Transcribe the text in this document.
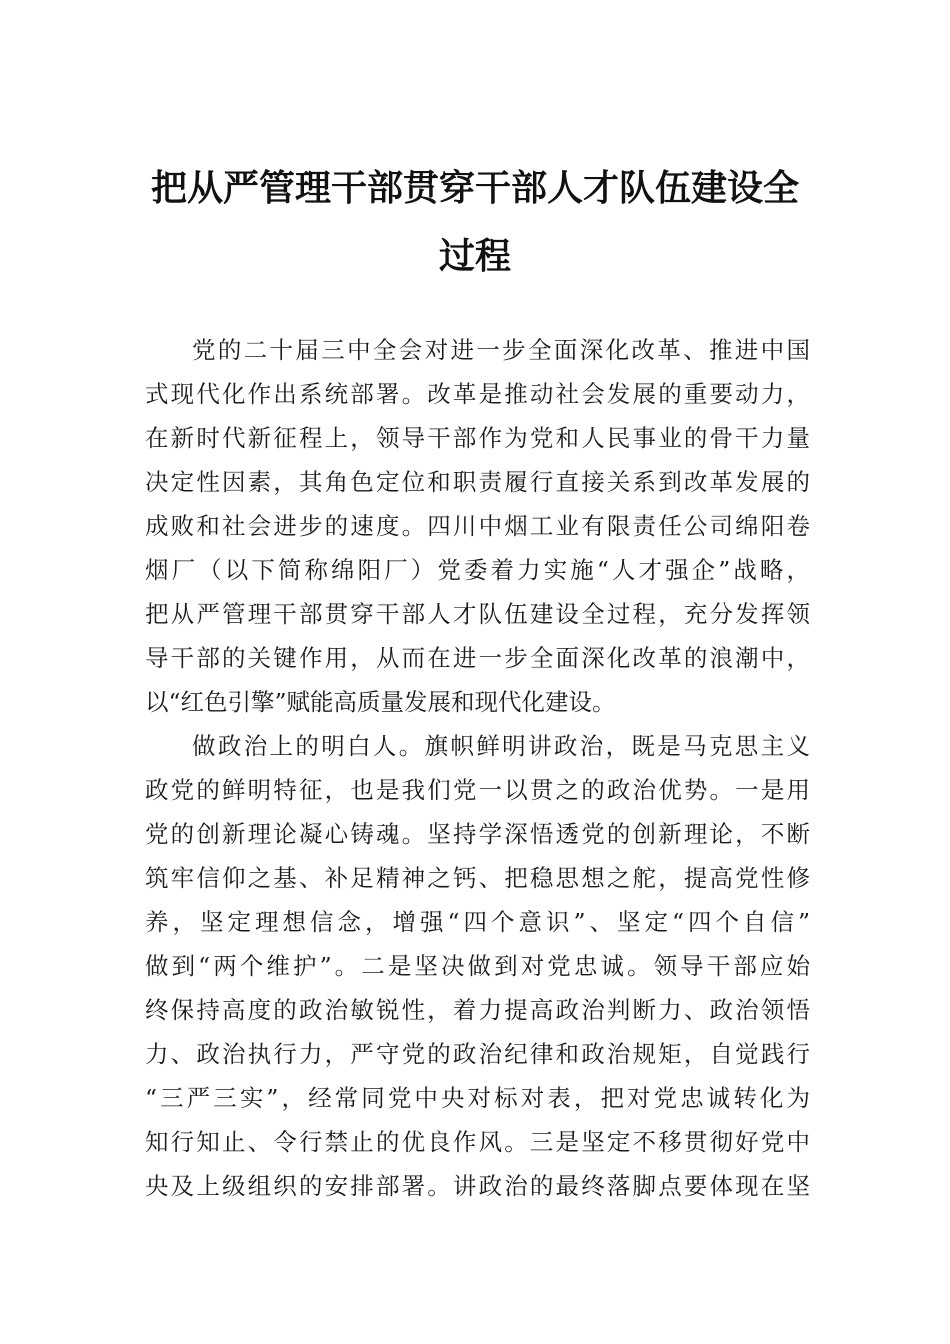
把从严管理干部贯穿干部人才队伍建设全
过程
党的二十届三中全会对进一步全面深化改革、推进中国
式现代化作出系统部署。改革是推动社会发展的重要动力，
在新时代新征程上，领导干部作为党和人民事业的骨干力量
决定性因素，其角色定位和职责履行直接关系到改革发展的
成败和社会进步的速度。四川中烟工业有限责任公司绵阳卷
烟厂（以下简称绵阳厂）党委着力实施“人才强企”战略，
把从严管理干部贯穿干部人才队伍建设全过程，充分发挥领
导干部的关键作用，从而在进一步全面深化改革的浪潮中，
以“红色引擎”赋能高质量发展和现代化建设。
做政治上的明白人。旗帜鲜明讲政治，既是马克思主义
政党的鲜明特征，也是我们党一以贯之的政治优势。一是用
党的创新理论凝心铸魂。坚持学深悟透党的创新理论，不断
筑牢信仰之基、补足精神之钙、把稳思想之舵，提高党性修
养，坚定理想信念，增强“四个意识”、坚定“四个自信”
做到“两个维护”。二是坚决做到对党忠诚。领导干部应始
终保持高度的政治敏锐性，着力提高政治判断力、政治领悟
力、政治执行力，严守党的政治纪律和政治规矩，自觉践行
“三严三实”，经常同党中央对标对表，把对党忠诚转化为
知行知止、令行禁止的优良作风。三是坚定不移贯彻好党中
央及上级组织的安排部署。讲政治的最终落脚点要体现在坚
